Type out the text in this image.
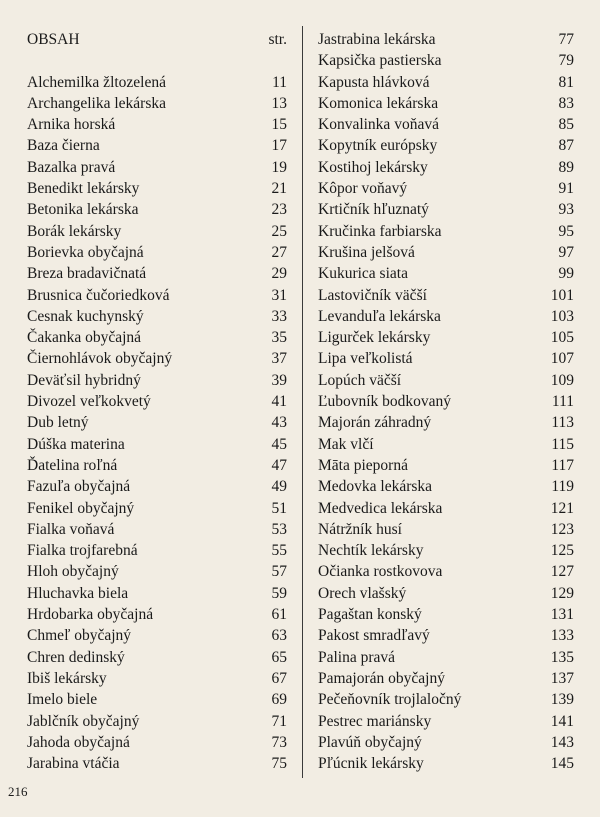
OBSAH	str.
Alchemilka žltozelená	11
Archangelika lekárska	13
Arnika horská	15
Baza čierna	17
Bazalka pravá	19
Benedikt lekársky	21
Betonika lekárska	23
Borák lekársky	25
Borievka obyčajná	27
Breza bradavičnatá	29
Brusnica čučoriedková	31
Cesnak kuchynský	33
Čakanka obyčajná	35
Čiernohlávok obyčajný	37
Deväťsil hybridný	39
Divozel veľkokvetý	41
Dub letný	43
Dúška materina	45
Ďatelina roľná	47
Fazuľa obyčajná	49
Fenikel obyčajný	51
Fialka voňavá	53
Fialka trojfarebná	55
Hloh obyčajný	57
Hluchavka biela	59
Hrdobarka obyčajná	61
Chmeľ obyčajný	63
Chren dedinský	65
Ibiš lekársky	67
Imelo biele	69
Jablčník obyčajný	71
Jahoda obyčajná	73
Jarabina vtáčia	75
Jastrabina lekárska	77
Kapsička pastierska	79
Kapusta hlávková	81
Komonica lekárska	83
Konvalinka voňavá	85
Kopytník európsky	87
Kostihoj lekársky	89
Kôpor voňavý	91
Krtičník hľuznatý	93
Kručinka farbiarska	95
Krušina jelšová	97
Kukurica siata	99
Lastovičník väčší	101
Levanduľa lekárska	103
Ligurček lekársky	105
Lipa veľkolistá	107
Lopúch väčší	109
Ľubovník bodkovaný	111
Majorán záhradný	113
Mak vlčí	115
Māta pieporná	117
Medovka lekárska	119
Medvedica lekárska	121
Nátržník husí	123
Nechtík lekársky	125
Očianka rostkovova	127
Orech vlašský	129
Pagaštan konský	131
Pakost smradľavý	133
Palina pravá	135
Pamajorán obyčajný	137
Pečeňovník trojlaločný	139
Pestrec mariánsky	141
Plavúň obyčajný	143
Pľúcnik lekársky	145
216
